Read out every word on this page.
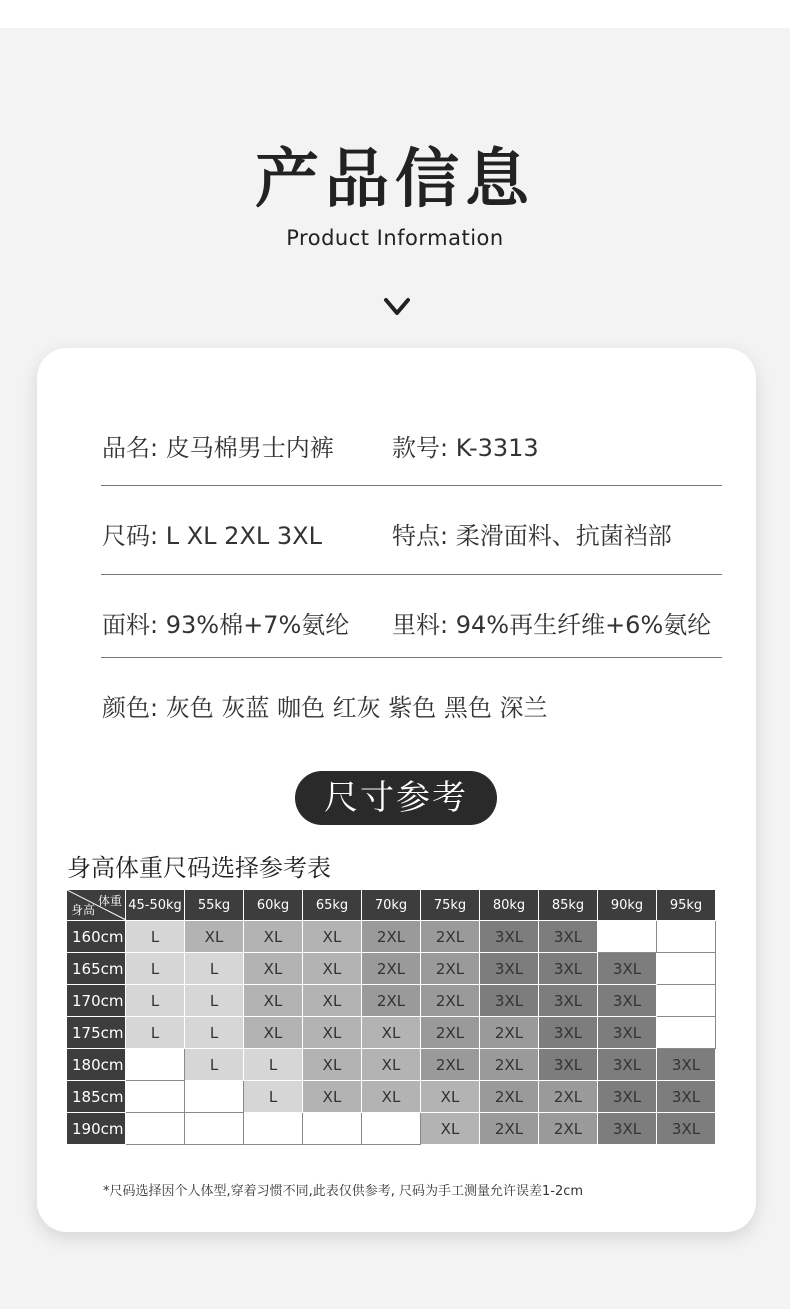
产品信息
Product Information
品名: 皮马棉男士内裤 款号: K-3313
尺码: L XL 2XL 3XL	特点: 柔滑面料、抗菌裆部
面料: 93%棉+7%氨纶 里料: 94%再生纤维+6%氨纶
颜色: 灰色 灰蓝 咖色 红灰 紫色 黑色 深兰
尺寸参考
身高体重尺码选择参考表
体重
身高	45-50kg	55kg	60kg	65kg	70kg	75kg	80kg	85kg	90kg	95kg
160cm	L	XL	XL	XL	2XL	2XL	3XL	3XL		
165cm	L	L	XL	XL	2XL	2XL	3XL	3XL	3XL	
170cm	L	L	XL	XL	2XL	2XL	3XL	3XL	3XL	
175cm	L	L	XL	XL	XL	2XL	2XL	3XL	3XL	
180cm		L	L	XL	XL	2XL	2XL	3XL	3XL	3XL
185cm			L	XL	XL	XL	2XL	2XL	3XL	3XL
190cm						XL	2XL	2XL	3XL	3XL
*尺码选择因个人体型,穿着习惯不同,此表仅供参考, 尺码为手工测量允许误差1-2cm
